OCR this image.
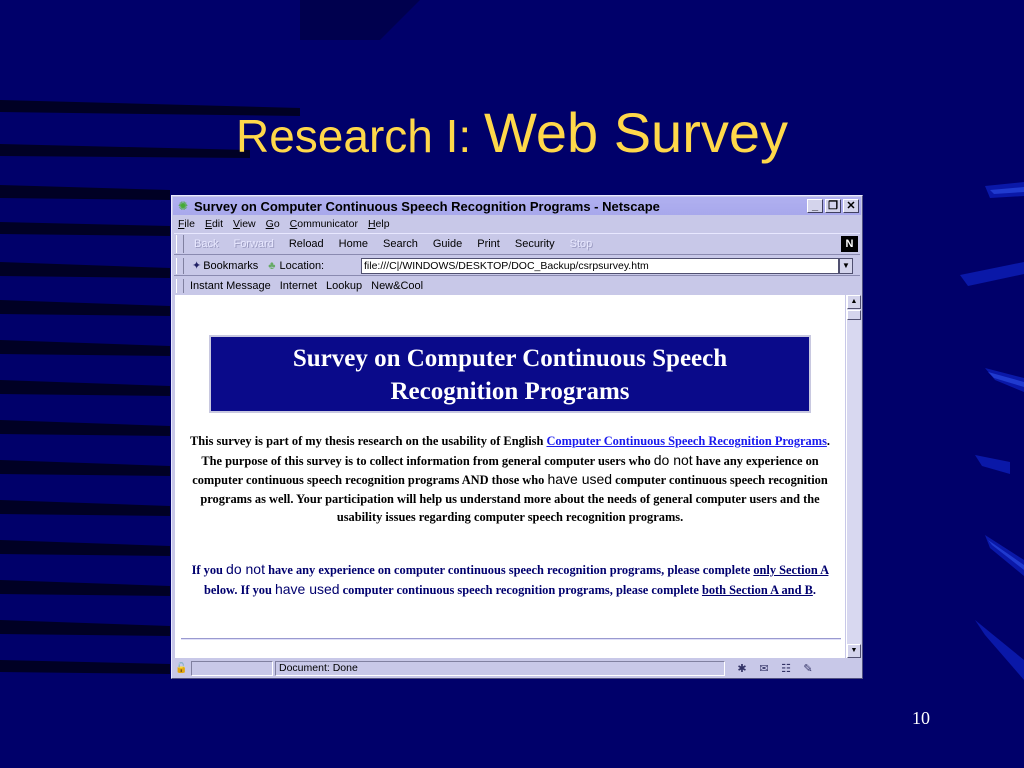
Research I: Web Survey
✺ Survey on Computer Continuous Speech Recognition Programs - Netscape	_ ❐ ✕
File Edit View Go Communicator Help
Back Forward Reload Home Search Guide Print Security Stop	N
✦ Bookmarks ♣ Location:	file:///C|/WINDOWS/DESKTOP/DOC_Backup/csrpsurvey.htm	▼
Instant Message Internet Lookup New&Cool
Survey on Computer Continuous Speech
Recognition Programs
This survey is part of my thesis research on the usability of English Computer Continuous Speech Recognition Programs. The purpose of this survey is to collect information from general computer users who do not have any experience on computer continuous speech recognition programs AND those who have used computer continuous speech recognition programs as well. Your participation will help us understand more about the needs of general computer users and the usability issues regarding computer speech recognition programs.
If you do not have any experience on computer continuous speech recognition programs, please complete only Section A below. If you have used computer continuous speech recognition programs, please complete both Section A and B.
▲
▼
🔓	Document: Done	✱	✉	☷	✎
10
